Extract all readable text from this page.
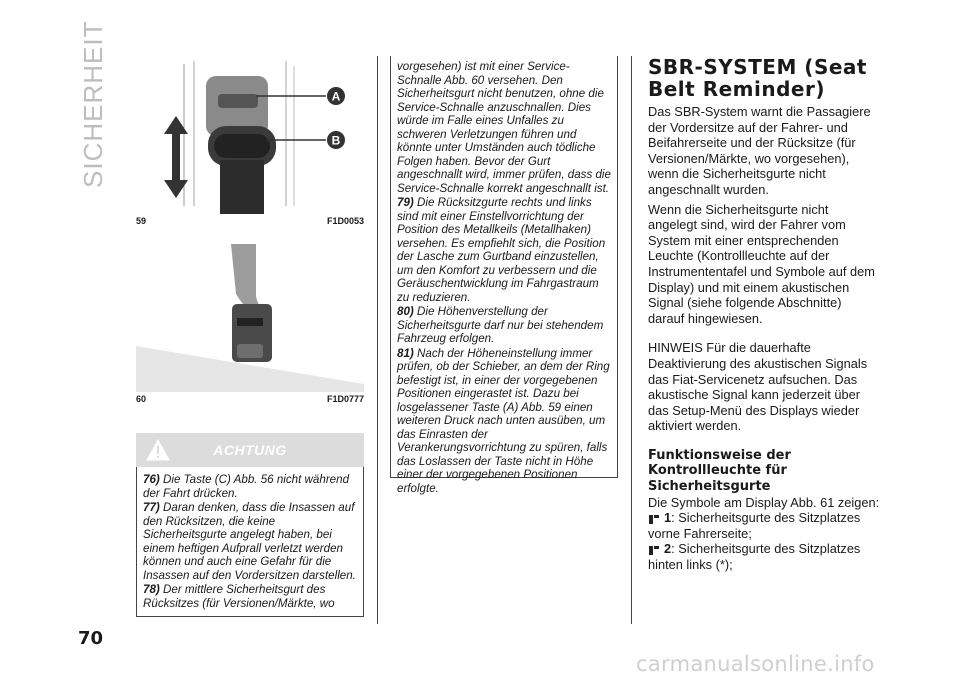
SICHERHEIT
70
A
B
59	F1D0053
60	F1D0777
ACHTUNG

76) Die Taste (C) Abb. 56 nicht während der Fahrt drücken.

77) Daran denken, dass die Insassen auf den Rücksitzen, die keine Sicherheitsgurte angelegt haben, bei einem heftigen Aufprall verletzt werden können und auch eine Gefahr für die Insassen auf den Vordersitzen darstellen.

78) Der mittlere Sicherheitsgurt des Rücksitzes (für Versionen/Märkte, wo

vorgesehen) ist mit einer Service-Schnalle Abb. 60 versehen. Den Sicherheitsgurt nicht benutzen, ohne die Service-Schnalle anzuschnallen. Dies würde im Falle eines Unfalles zu schweren Verletzungen führen und könnte unter Umständen auch tödliche Folgen haben. Bevor der Gurt angeschnallt wird, immer prüfen, dass die Service-Schnalle korrekt angeschnallt ist.

79) Die Rücksitzgurte rechts und links sind mit einer Einstellvorrichtung der Position des Metallkeils (Metallhaken) versehen. Es empfiehlt sich, die Position der Lasche zum Gurtband einzustellen, um den Komfort zu verbessern und die Geräuschentwicklung im Fahrgastraum zu reduzieren.

80) Die Höhenverstellung der Sicherheitsgurte darf nur bei stehendem Fahrzeug erfolgen.

81) Nach der Höheneinstellung immer prüfen, ob der Schieber, an dem der Ring befestigt ist, in einer der vorgegebenen Positionen eingerastet ist. Dazu bei losgelassener Taste (A) Abb. 59 einen weiteren Druck nach unten ausüben, um das Einrasten der Verankerungsvorrichtung zu spüren, falls das Loslassen der Taste nicht in Höhe einer der vorgegebenen Positionen erfolgte.

SBR-SYSTEM (Seat Belt Reminder)

Das SBR-System warnt die Passagiere der Vordersitze auf der Fahrer- und Beifahrerseite und der Rücksitze (für Versionen/Märkte, wo vorgesehen), wenn die Sicherheitsgurte nicht angeschnallt wurden.

Wenn die Sicherheitsgurte nicht angelegt sind, wird der Fahrer vom System mit einer entsprechenden Leuchte (Kontrollleuchte auf der Instrumententafel und Symbole auf dem Display) und mit einem akustischen Signal (siehe folgende Abschnitte) darauf hingewiesen.

HINWEIS Für die dauerhafte Deaktivierung des akustischen Signals das Fiat-Servicenetz aufsuchen. Das akustische Signal kann jederzeit über das Setup-Menü des Displays wieder aktiviert werden.

Funktionsweise der Kontrollleuchte für Sicherheitsgurte

Die Symbole am Display Abb. 61 zeigen:

1: Sicherheitsgurte des Sitzplatzes vorne Fahrerseite;
2: Sicherheitsgurte des Sitzplatzes hinten links (*);
carmanualsonline.info
